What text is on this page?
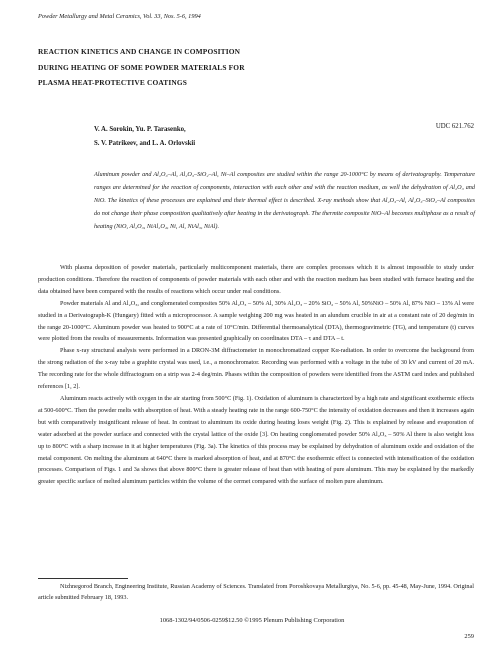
Powder Metallurgy and Metal Ceramics, Vol. 33, Nos. 5-6, 1994
REACTION KINETICS AND CHANGE IN COMPOSITION
DURING HEATING OF SOME POWDER MATERIALS FOR
PLASMA HEAT-PROTECTIVE COATINGS
V. A. Sorokin, Yu. P. Tarasenko,
S. V. Patrikeev, and L. A. Orlovskii
UDC 621.762
Aluminum powder and Al₂O₃–Al, Al₂O₃–SiO₂–Al, Ni–Al composites are studied within the range 20-1000°C by means of derivatography. Temperature ranges are determined for the reaction of components, interaction with each other and with the reaction medium, as well the dehydration of Al₂O₃ and NiO. The kinetics of these processes are explained and their thermal effect is described. X-ray methods show that Al₂O₃–Al, Al₂O₃–SiO₂–Al composites do not change their phase composition qualitatively after heating in the derivatograph. The thermite composite NiO–Al becomes multiphase as a result of heating (NiO, Al₂O₃, NiAl₂O₄, Ni, Al, NiAl₃, NiAl).

With plasma deposition of powder materials, particularly multicomponent materials, there are complex processes which it is almost impossible to study under production conditions. Therefore the reaction of components of powder materials with each other and with the reaction medium has been studied with furnace heating and the data obtained have been compared with the results of reactions which occur under real conditions.

Powder materials Al and Al₂O₃, and conglomerated composites 50% Al₂O₃ – 50% Al, 30% Al₂O₃ – 20% SiO₂ – 50% Al, 50%NiO – 50% Al, 87% NiO – 13% Al were studied in a Derivatograph-K (Hungary) fitted with a microprocessor. A sample weighing 200 mg was heated in an alundum crucible in air at a constant rate of 20 deg/min in the range 20-1000°C. Aluminum powder was heated to 900°C at a rate of 10°C/min. Differential thermoanalytical (DTA), thermogravimetric (TG), and temperature (t) curves were plotted from the results of measurements. Information was presented graphically on coordinates DTA – τ and DTA – t.

Phase x-ray structural analysis were performed in a DRON-3M diffractometer in monochromatized copper Kα-radiation. In order to overcome the background from the strong radiation of the x-ray tube a graphite crystal was used, i.e., a monochromator. Recording was performed with a voltage in the tube of 30 kV and current of 20 mA. The recording rate for the whole diffractogram on a strip was 2-4 deg/min. Phases within the composition of powders were identified from the ASTM card index and published references [1, 2].

Aluminum reacts actively with oxygen in the air starting from 500°C (Fig. 1). Oxidation of aluminum is characterized by a high rate and significant exothermic effects at 500-600°C. Then the powder melts with absorption of heat. With a steady heating rate in the range 600-750°C the intensity of oxidation decreases and then it increases again but with comparatively insignificant release of heat. In contrast to aluminum its oxide during heating loses weight (Fig. 2). This is explained by release and evaporation of water adsorbed at the powder surface and connected with the crystal lattice of the oxide [3]. On heating conglomerated powder 50% Al₂O₃ – 50% Al there is also weight loss up to 800°C with a sharp increase in it at higher temperatures (Fig. 3a). The kinetics of this process may be explained by dehydration of aluminum oxide and oxidation of the metal component. On melting the aluminum at 640°C there is marked absorption of heat, and at 870°C the exothermic effect is connected with intensification of the oxidation processes. Comparison of Figs. 1 and 3a shows that above 800°C there is greater release of heat than with heating of pure aluminum. This may be explained by the markedly greater specific surface of melted aluminum particles within the volume of the cermet compared with the surface of molten pure aluminum.

Nizhnegorod Branch, Engineering Institute, Russian Academy of Sciences. Translated from Poroshkovaya Metallurgiya, No. 5-6, pp. 45-48, May-June, 1994. Original article submitted February 18, 1993.
1068-1302/94/0506-0259$12.50 ©1995 Plenum Publishing Corporation
259
